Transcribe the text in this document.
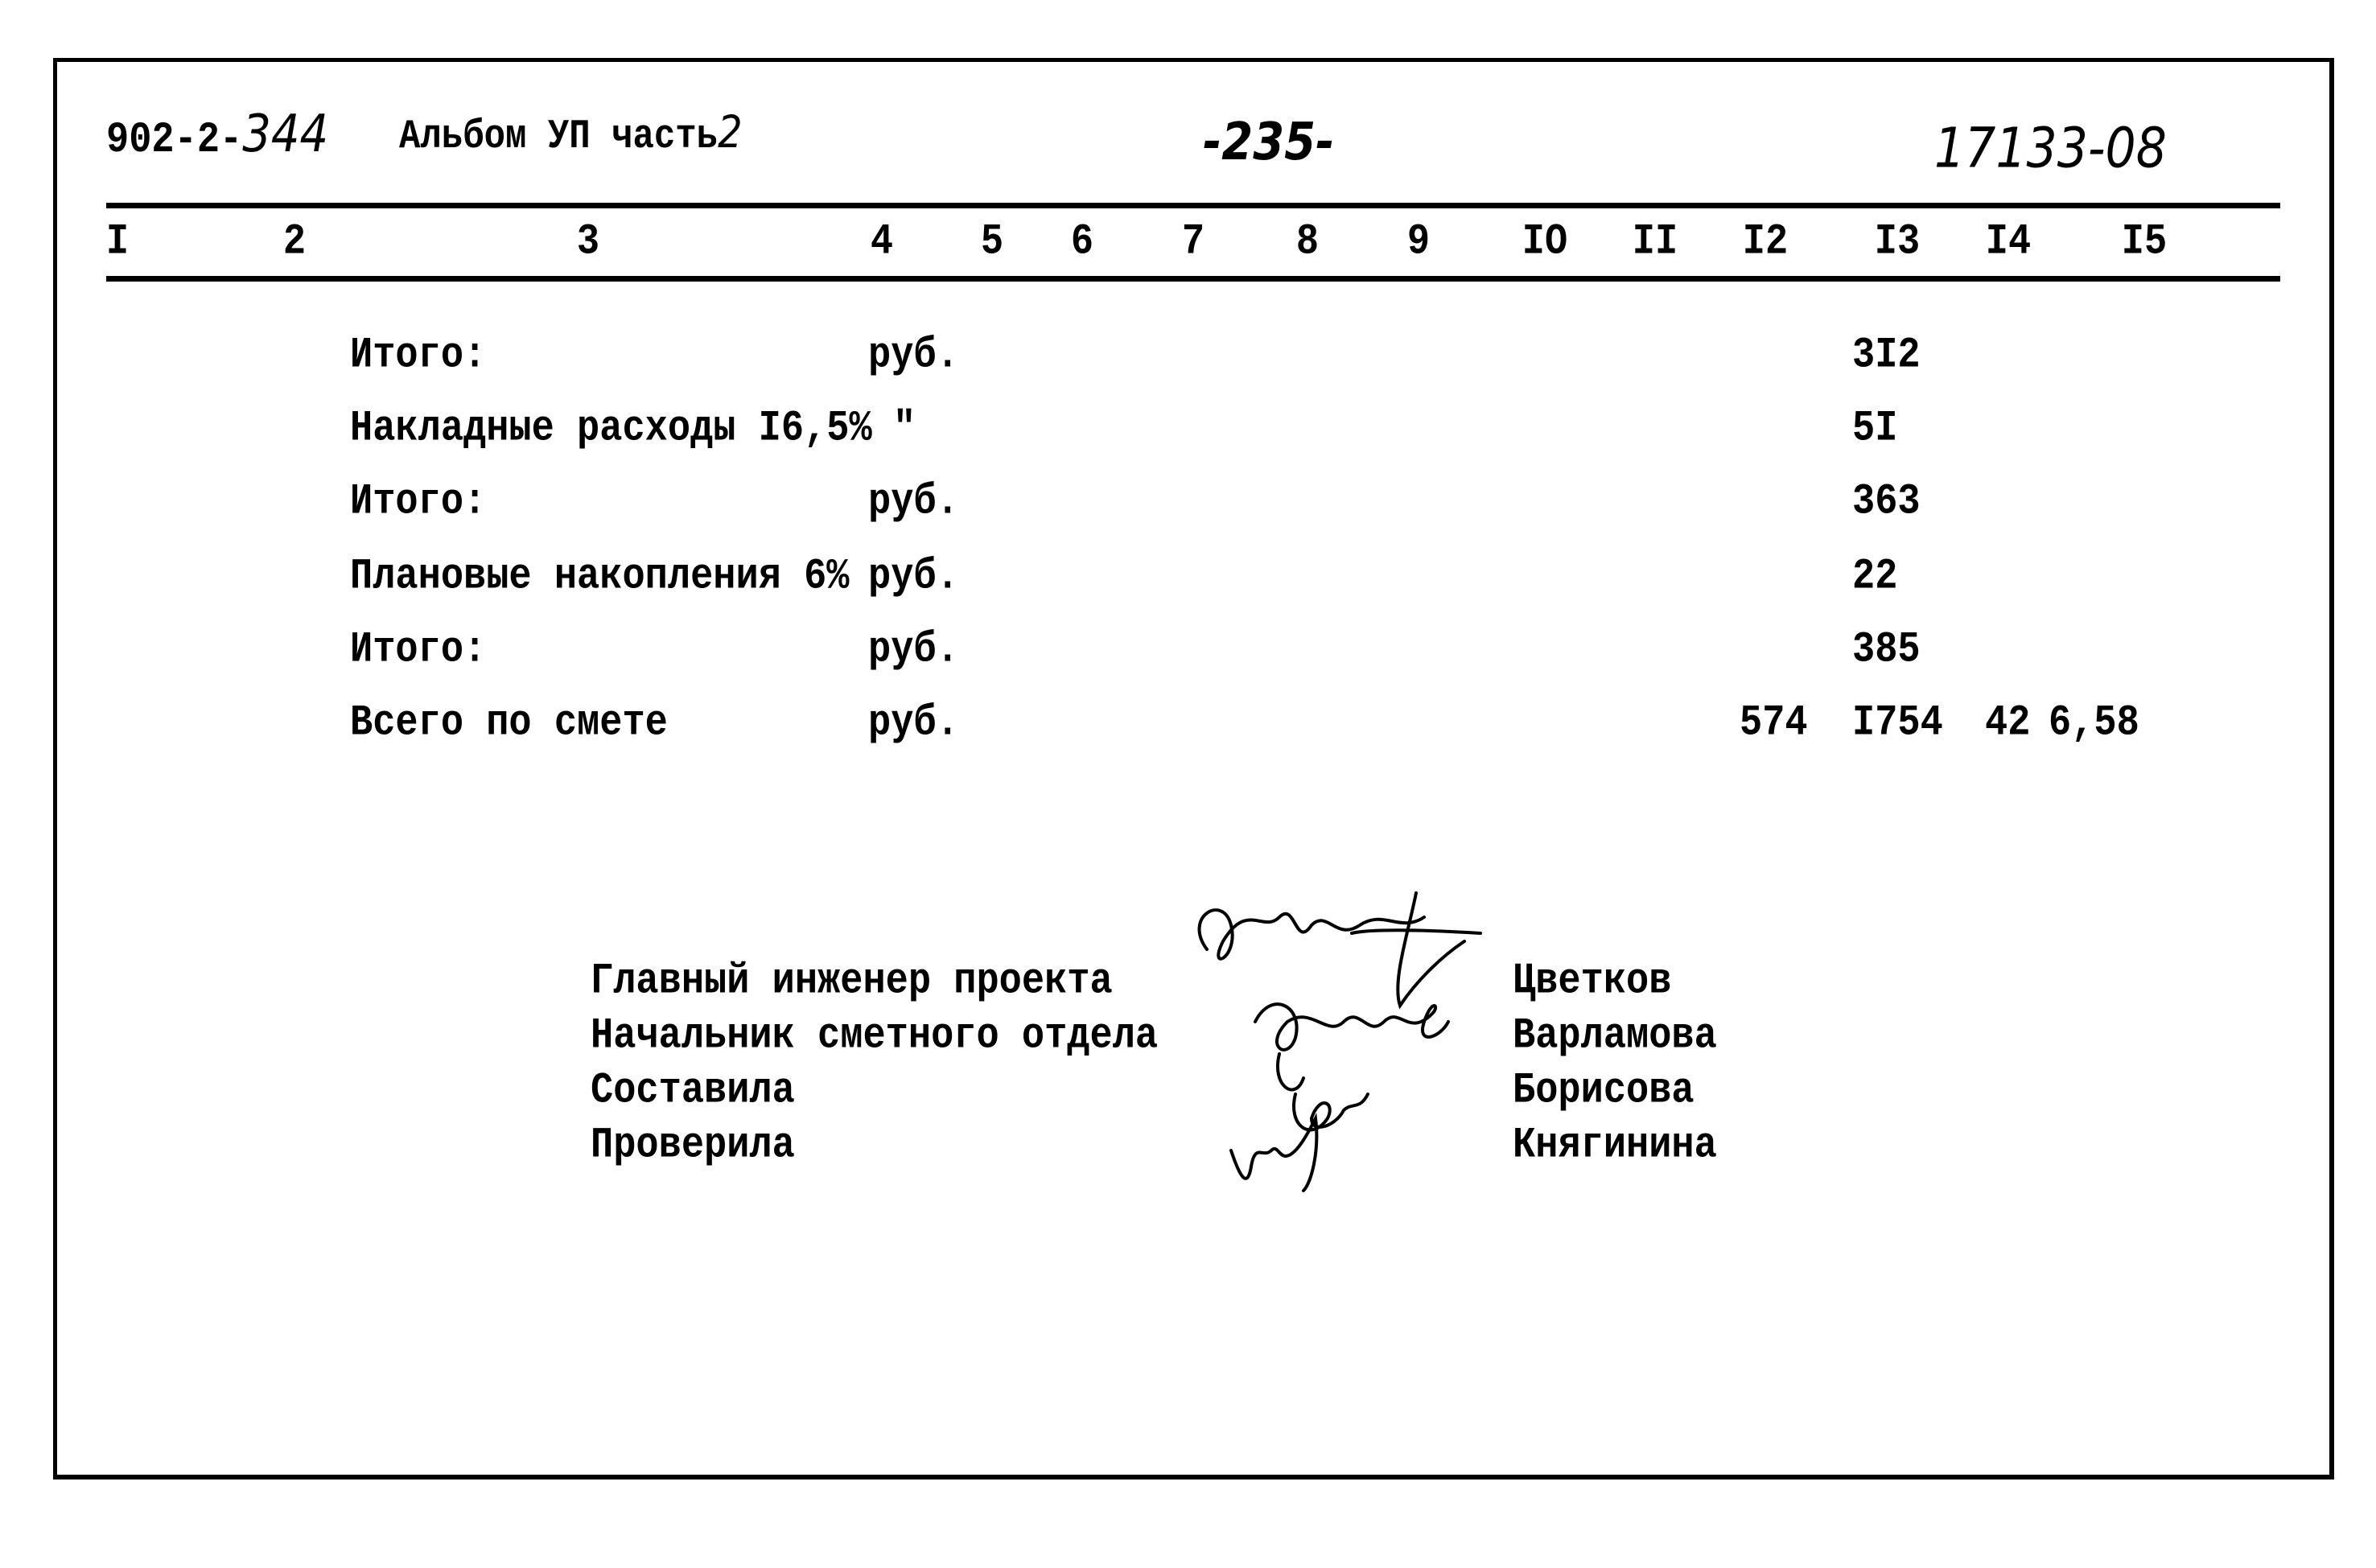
902-2-344 Альбом УП часть2	-235-	17133-08
I	2	3	4 5 6 7 8 9 IO II I2 I3 I4 I5
Итого:	руб.	3I2
Накладные расходы I6,5% "	5I
Итого:	руб.	363
Плановые накопления 6% руб.	22
Итого:	руб.	385
Всего по смете	руб.	574 I754 42 6,58
Главный инженер проекта	Цветков
Начальник сметного отдела	Варламова
Составила	Борисова
Проверила	Княгинина
